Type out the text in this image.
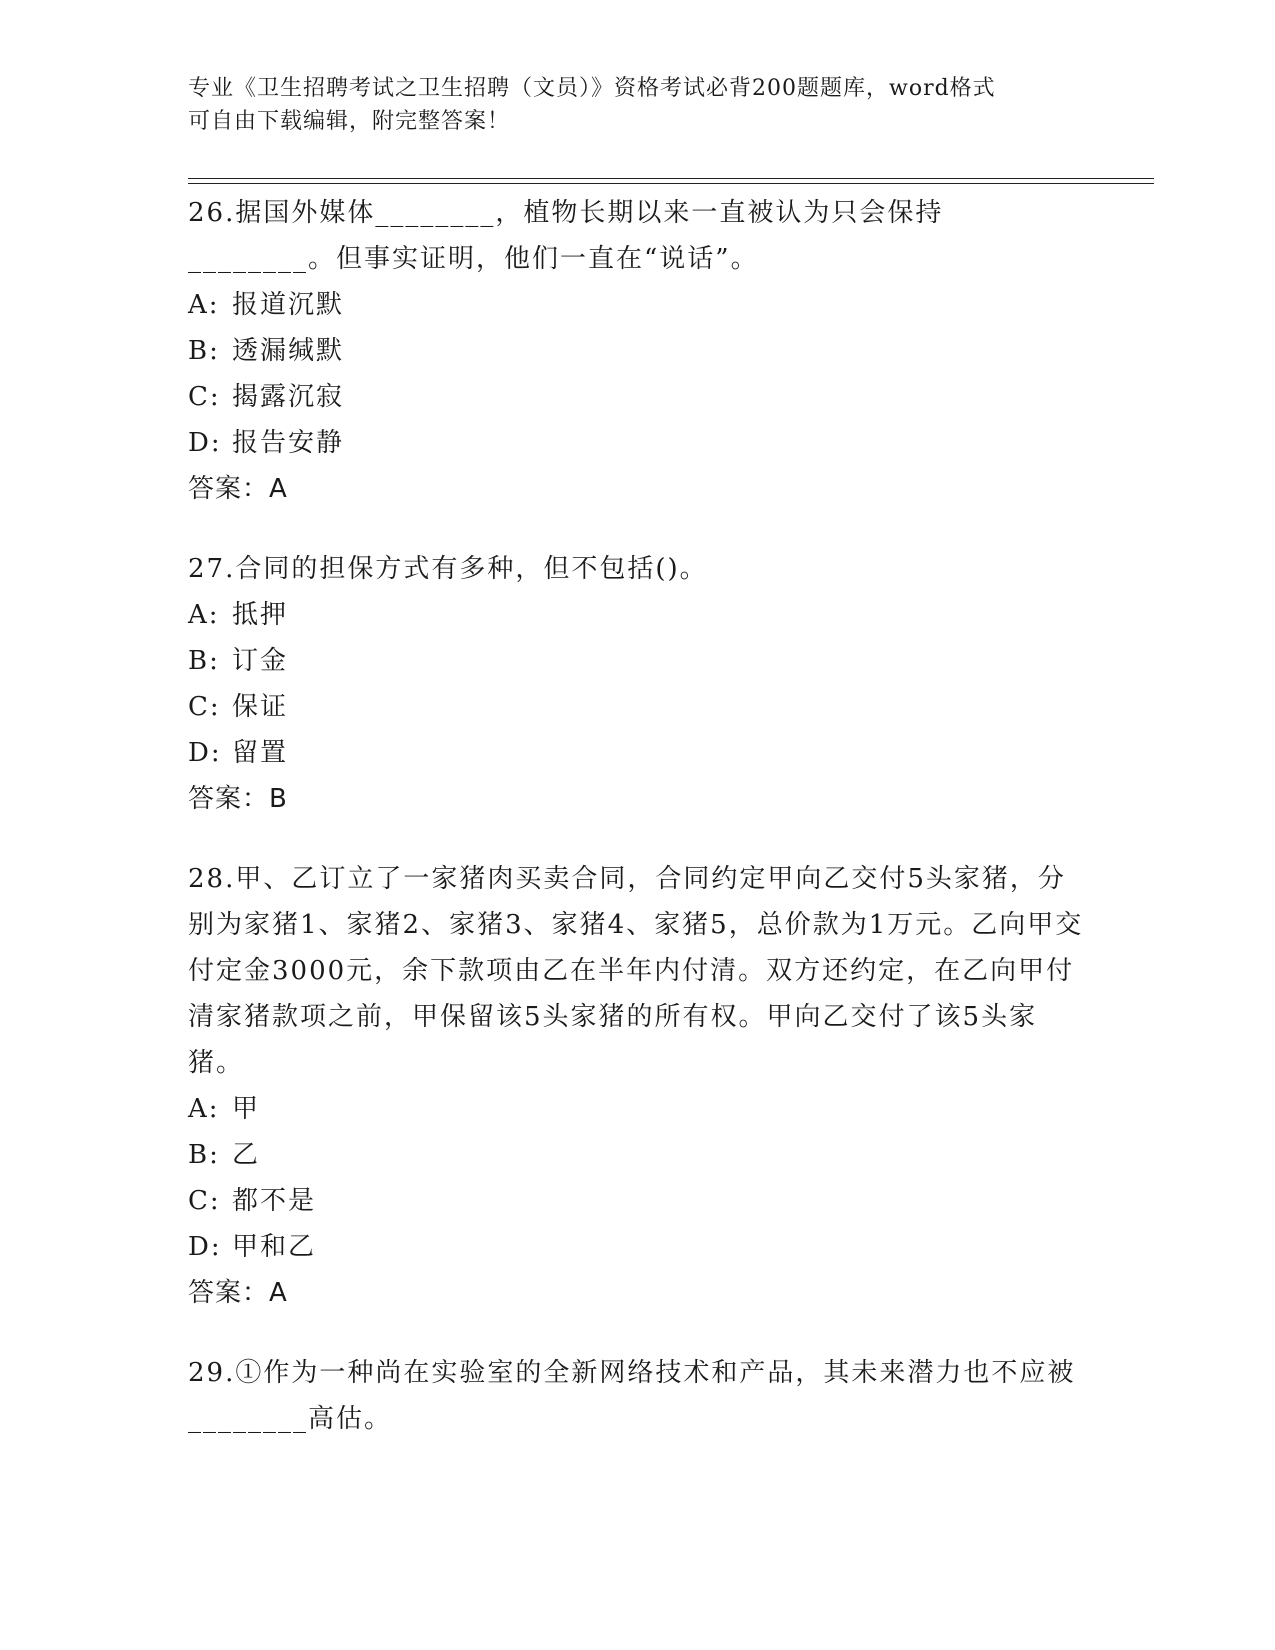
专业《卫生招聘考试之卫生招聘（文员）》资格考试必背200题题库，word格式
可自由下载编辑，附完整答案！

26.据国外媒体________，植物长期以来一直被认为只会保持________。但事实证明，他们一直在“说话”。

A: 报道沉默
B: 透漏缄默
C: 揭露沉寂
D: 报告安静

答案：A

27.合同的担保方式有多种，但不包括()。

A: 抵押
B: 订金
C: 保证
D: 留置

答案：B

28.甲、乙订立了一家猪肉买卖合同，合同约定甲向乙交付5头家猪，分别为家猪1、家猪2、家猪3、家猪4、家猪5，总价款为1万元。乙向甲交付定金3000元，余下款项由乙在半年内付清。双方还约定，在乙向甲付清家猪款项之前，甲保留该5头家猪的所有权。甲向乙交付了该5头家猪。

A: 甲
B: 乙
C: 都不是
D: 甲和乙

答案：A

29.①作为一种尚在实验室的全新网络技术和产品，其未来潜力也不应被________高估。
